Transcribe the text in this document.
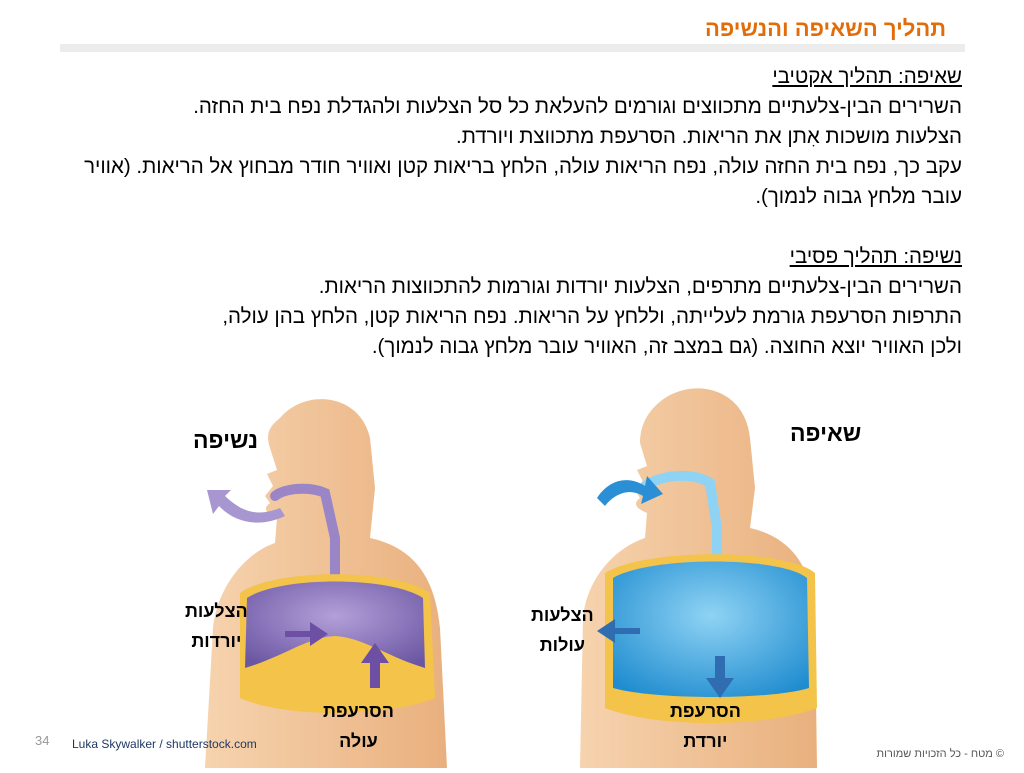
תהליך השאיפה והנשיפה

שאיפה: תהליך אקטיבי

השרירים הבין-צלעתיים מתכווצים וגורמים להעלאת כל סל הצלעות ולהגדלת נפח בית החזה.

הצלעות מושכות אִתן את הריאות. הסרעפת מתכווצת ויורדת.

עקב כך, נפח בית החזה עולה, נפח הריאות עולה, הלחץ בריאות קטן ואוויר חודר מבחוץ אל הריאות. (אוויר עובר מלחץ גבוה לנמוך).

נשיפה: תהליך פסיבי

השרירים הבין-צלעתיים מתרפים, הצלעות יורדות וגורמות להתכווצות הריאות.

התרפות הסרעפת גורמת לעלייתה, וללחץ על הריאות. נפח הריאות קטן, הלחץ בהן עולה,

ולכן האוויר יוצא החוצה. (גם במצב זה, האוויר עובר מלחץ גבוה לנמוך).

נשיפה	שאיפה
הצלעות
יורדות
הסרעפת
עולה
הצלעות
עולות
הסרעפת
יורדת
34 Luka Skywalker / shutterstock.com
© מטח - כל הזכויות שמורות
